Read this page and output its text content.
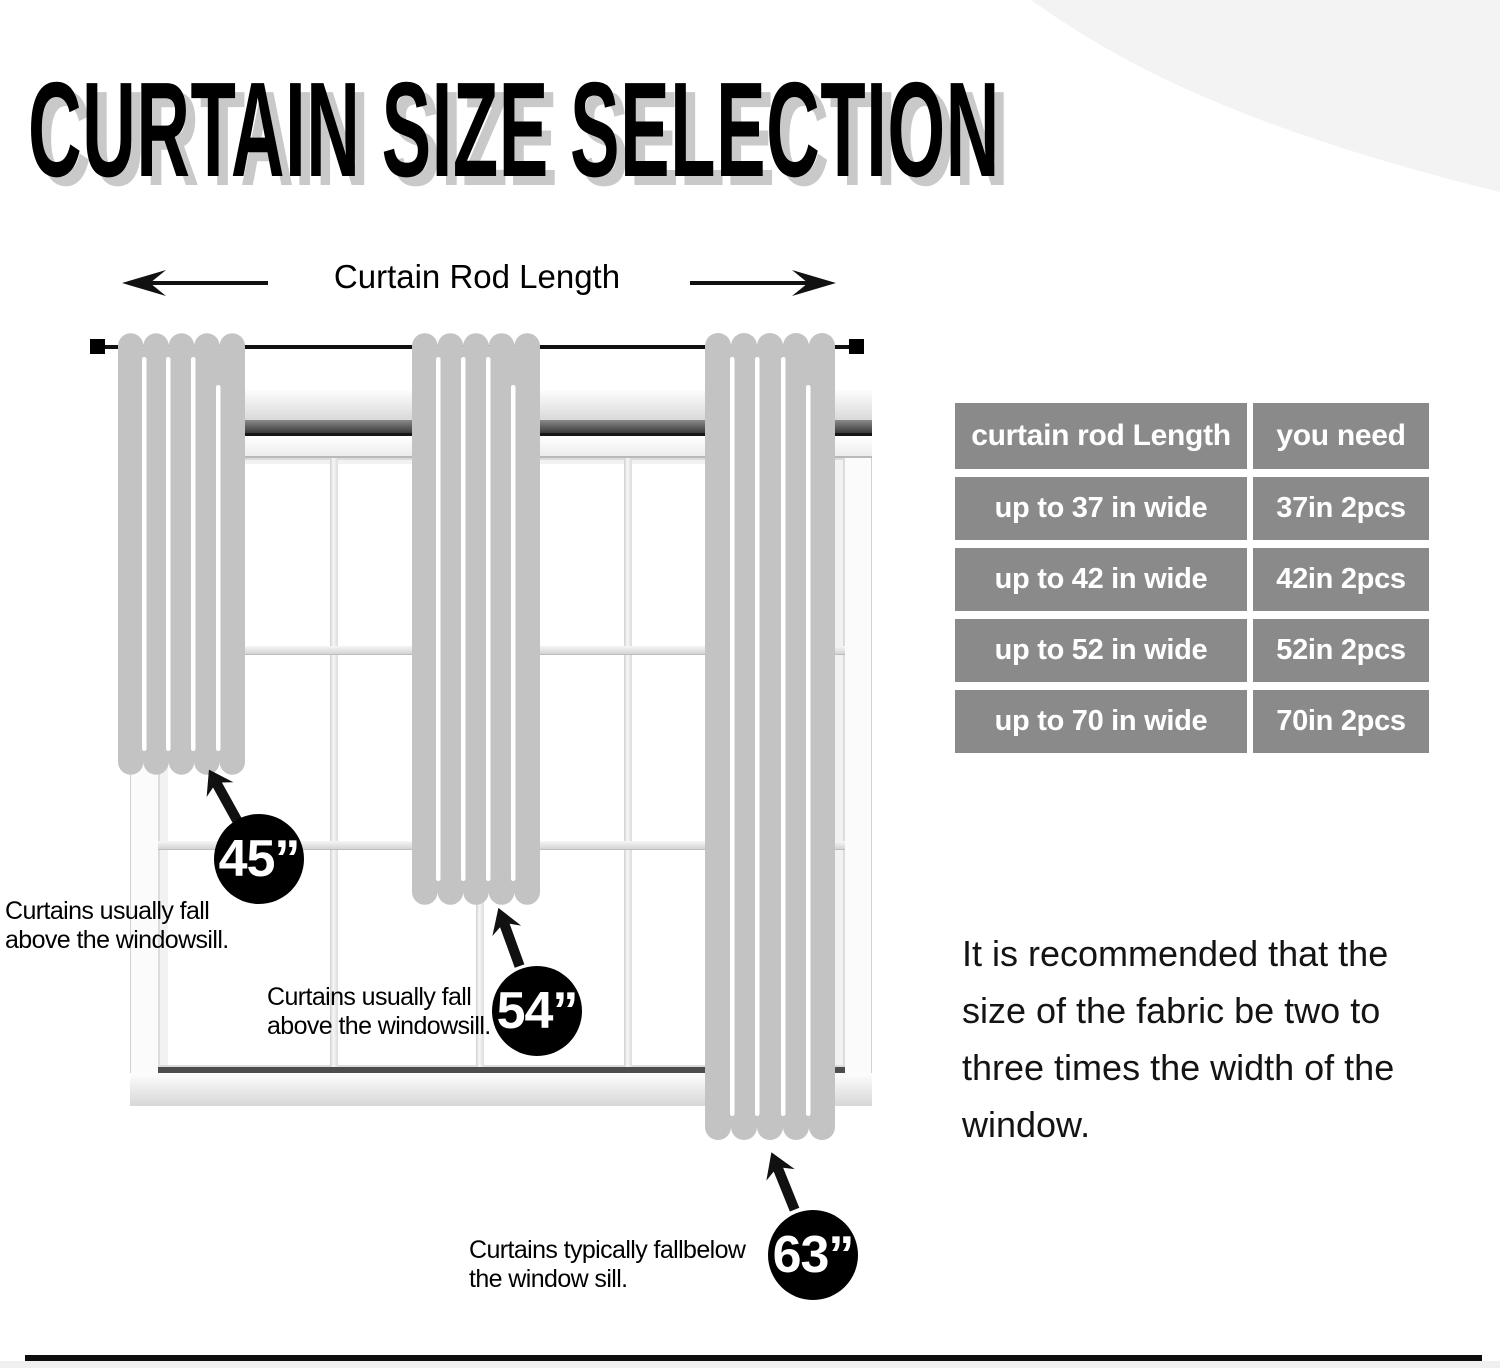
CURTAIN SIZE SELECTION
Curtain Rod Length
45”
54”
63”
Curtains usually fall
above the windowsill.
Curtains usually fall
above the windowsill.
Curtains typically fallbelow
the window sill.
curtain rod Length	you need
up to 37 in wide	37in 2pcs
up to 42 in wide	42in 2pcs
up to 52 in wide	52in 2pcs
up to 70 in wide	70in 2pcs
It is recommended that the
size of the fabric be two to
three times the width of the
window.
